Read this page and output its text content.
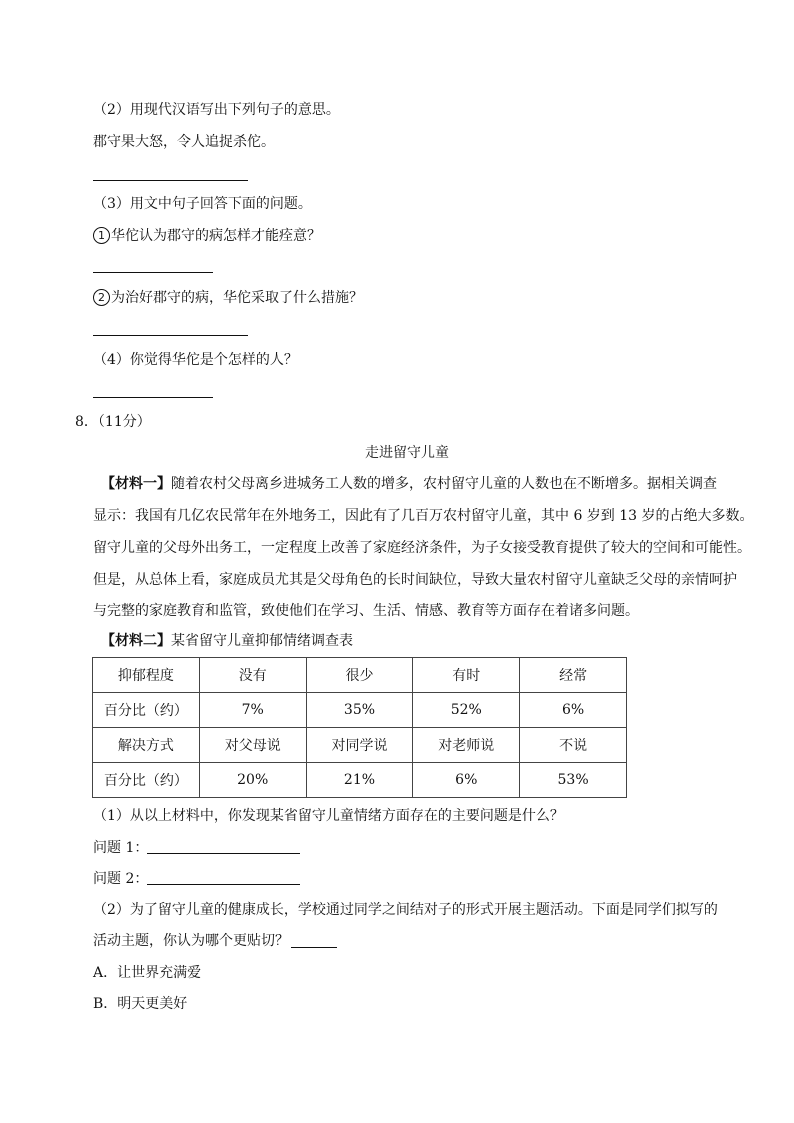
（2）用现代汉语写出下列句子的意思。
郡守果大怒，令人追捉杀佗。
（3）用文中句子回答下面的问题。
1 华佗认为郡守的病怎样才能痊意？
2 为治好郡守的病，华佗采取了什么措施？
（4）你觉得华佗是个怎样的人？
8．（11分）
走进留守儿童
【材料一】随着农村父母离乡进城务工人数的增多，农村留守儿童的人数也在不断增多。据相关调查
显示：我国有几亿农民常年在外地务工，因此有了几百万农村留守儿童，其中 6 岁到 13 岁的占绝大多数。
留守儿童的父母外出务工，一定程度上改善了家庭经济条件，为子女接受教育提供了较大的空间和可能性。
但是，从总体上看，家庭成员尤其是父母角色的长时间缺位，导致大量农村留守儿童缺乏父母的亲情呵护
与完整的家庭教育和监管，致使他们在学习、生活、情感、教育等方面存在着诸多问题。
【材料二】某省留守儿童抑郁情绪调查表
抑郁程度	没有	很少	有时	经常
百分比（约）	7%	35%	52%	6%
解决方式	对父母说	对同学说	对老师说	不说
百分比（约）	20%	21%	6%	53%
（1）从以上材料中，你发现某省留守儿童情绪方面存在的主要问题是什么？
问题 1：
问题 2：
（2）为了留守儿童的健康成长，学校通过同学之间结对子的形式开展主题活动。下面是同学们拟写的
活动主题，你认为哪个更贴切？
A．让世界充满爱
B．明天更美好
